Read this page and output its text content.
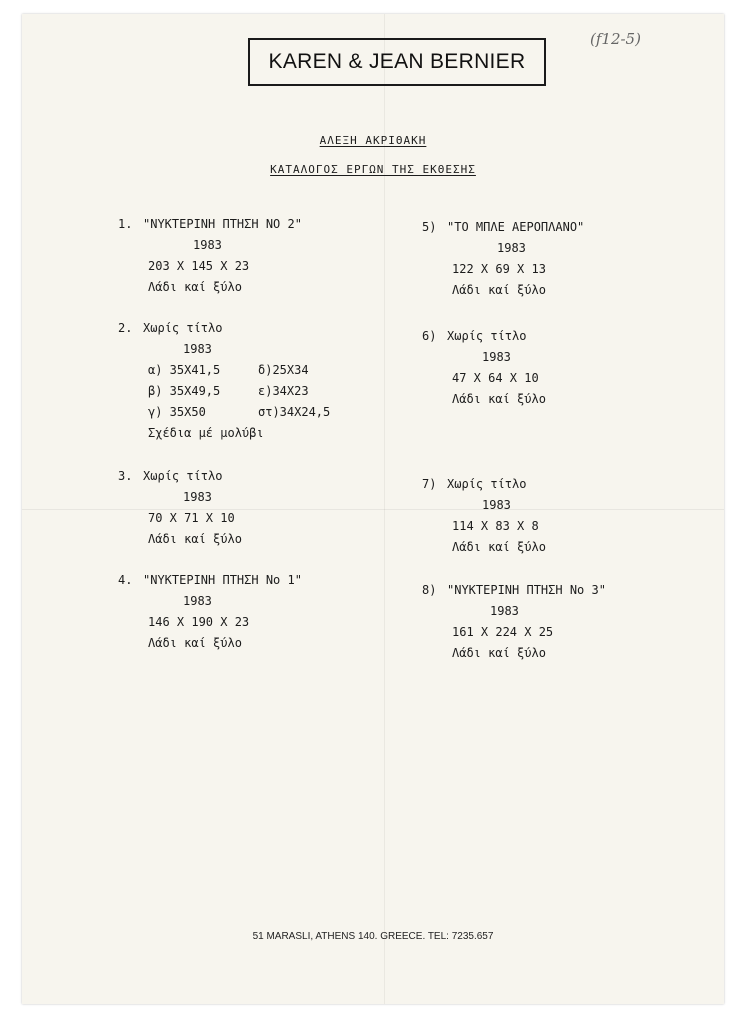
KAREN & JEAN BERNIER
(f12-5)
ΑΛΕΞΗ ΑΚΡΙΘΑΚΗ
ΚΑΤΑΛΟΓΟΣ ΕΡΓΩΝ ΤΗΣ ΕΚΘΕΣΗΣ
1. "ΝΥΚΤΕΡΙΝΗ ΠΤΗΣΗ ΝΟ 2"
1983
203 Χ 145 Χ 23
Λάδι καί ξύλο
2. Χωρίς τίτλο
1983
α) 35Χ41,5	δ)25Χ34
β) 35Χ49,5	ε)34Χ23
γ) 35Χ50	στ)34Χ24,5
Σχέδια μέ μολύβι
3. Χωρίς τίτλο
1983
70 Χ 71 Χ 10
Λάδι καί ξύλο
4. "ΝΥΚΤΕΡΙΝΗ ΠΤΗΣΗ Νο 1"
1983
146 Χ 190 Χ 23
Λάδι καί ξύλο
5) "ΤΟ ΜΠΛΕ ΑΕΡΟΠΛΑΝΟ"
1983
122 Χ 69 Χ 13
Λάδι καί ξύλο
6) Χωρίς τίτλο
1983
47 Χ 64 Χ 10
Λάδι καί ξύλο
7) Χωρίς τίτλο
1983
114 Χ 83 Χ 8
Λάδι καί ξύλο
8) "ΝΥΚΤΕΡΙΝΗ ΠΤΗΣΗ Νο 3"
1983
161 Χ 224 Χ 25
Λάδι καί ξύλο
51 MARASLI, ATHENS 140. GREECE. TEL: 7235.657
